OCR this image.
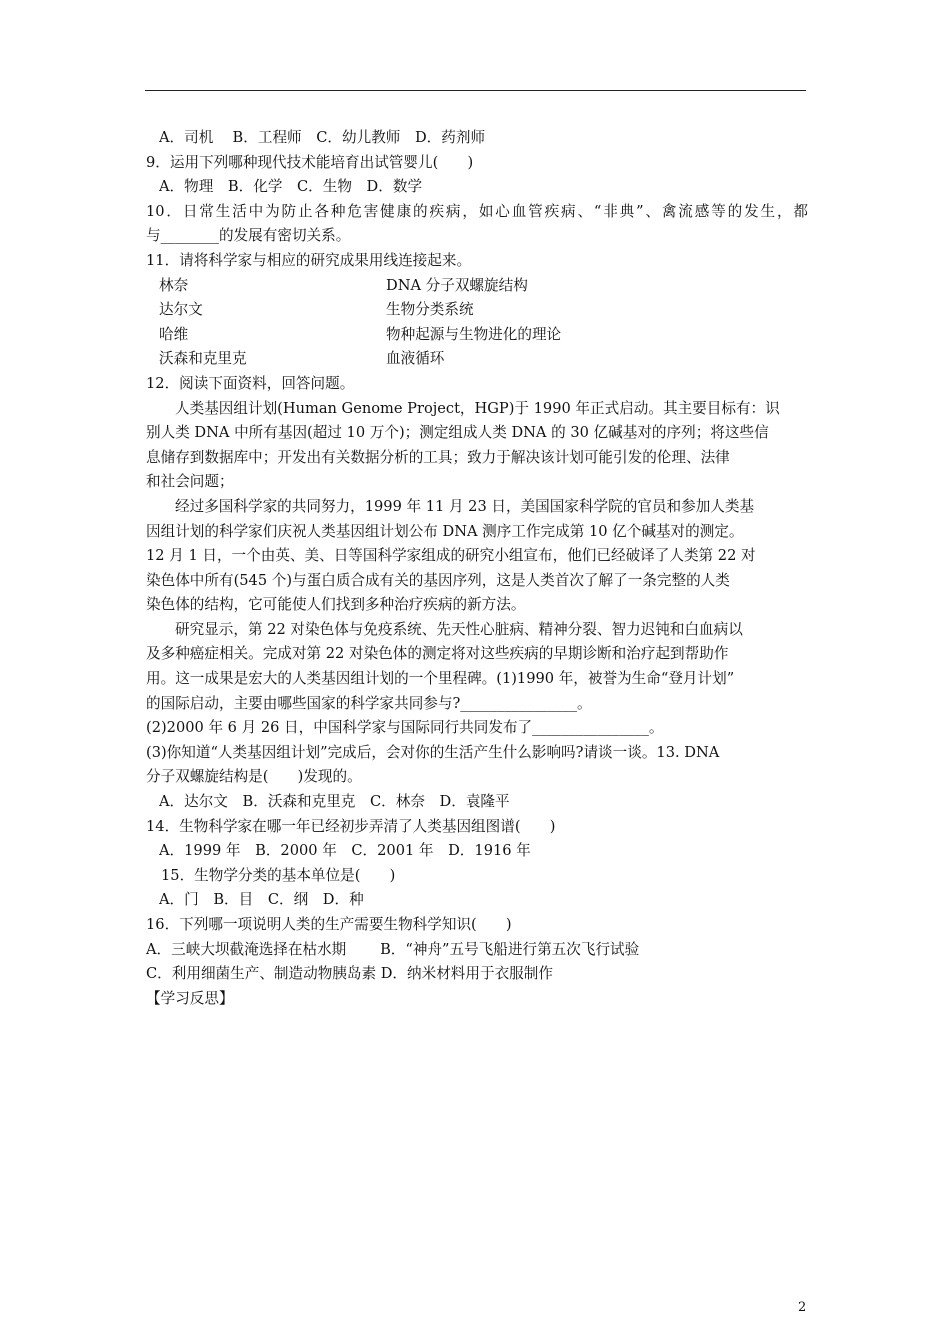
A．司机　 B．工程师　C．幼儿教师　D．药剂师
9．运用下列哪种现代技术能培育出试管婴儿(　　)
A．物理　B．化学　C．生物　D．数学
10．日常生活中为防止各种危害健康的疾病，如心血管疾病、“非典”、禽流感等的发生，都
与________的发展有密切关系。
11．请将科学家与相应的研究成果用线连接起来。
林奈	DNA 分子双螺旋结构
达尔文	生物分类系统
哈维	物种起源与生物进化的理论
沃森和克里克	血液循环
12．阅读下面资料，回答问题。
人类基因组计划(Human Genome Project，HGP)于 1990 年正式启动。其主要目标有：识
别人类 DNA 中所有基因(超过 10 万个)；测定组成人类 DNA 的 30 亿碱基对的序列；将这些信
息储存到数据库中；开发出有关数据分析的工具；致力于解决该计划可能引发的伦理、法律
和社会问题；
经过多国科学家的共同努力，1999 年 11 月 23 日，美国国家科学院的官员和参加人类基
因组计划的科学家们庆祝人类基因组计划公布 DNA 测序工作完成第 10 亿个碱基对的测定。
12 月 1 日，一个由英、美、日等国科学家组成的研究小组宣布，他们已经破译了人类第 22 对
染色体中所有(545 个)与蛋白质合成有关的基因序列，这是人类首次了解了一条完整的人类
染色体的结构，它可能使人们找到多种治疗疾病的新方法。
研究显示，第 22 对染色体与免疫系统、先天性心脏病、精神分裂、智力迟钝和白血病以
及多种癌症相关。完成对第 22 对染色体的测定将对这些疾病的早期诊断和治疗起到帮助作
用。这一成果是宏大的人类基因组计划的一个里程碑。(1)1990 年，被誉为生命“登月计划”
的国际启动，主要由哪些国家的科学家共同参与?________________。
(2)2000 年 6 月 26 日，中国科学家与国际同行共同发布了________________。
(3)你知道“人类基因组计划”完成后，会对你的生活产生什么影响吗?请谈一谈。13. DNA
分子双螺旋结构是(　　)发现的。
A．达尔文　B．沃森和克里克　C．林奈　D．袁隆平
14．生物科学家在哪一年已经初步弄清了人类基因组图谱(　　)
A．1999 年　B．2000 年　C．2001 年　D．1916 年
15．生物学分类的基本单位是(　　)
A．门　B．目　C．纲　D．种
16．下列哪一项说明人类的生产需要生物科学知识(　　)
A．三峡大坝截淹选择在枯水期　　 B．“神舟”五号飞船进行第五次飞行试验
C．利用细菌生产、制造动物胰岛素 D．纳米材料用于衣服制作
【学习反思】
2
